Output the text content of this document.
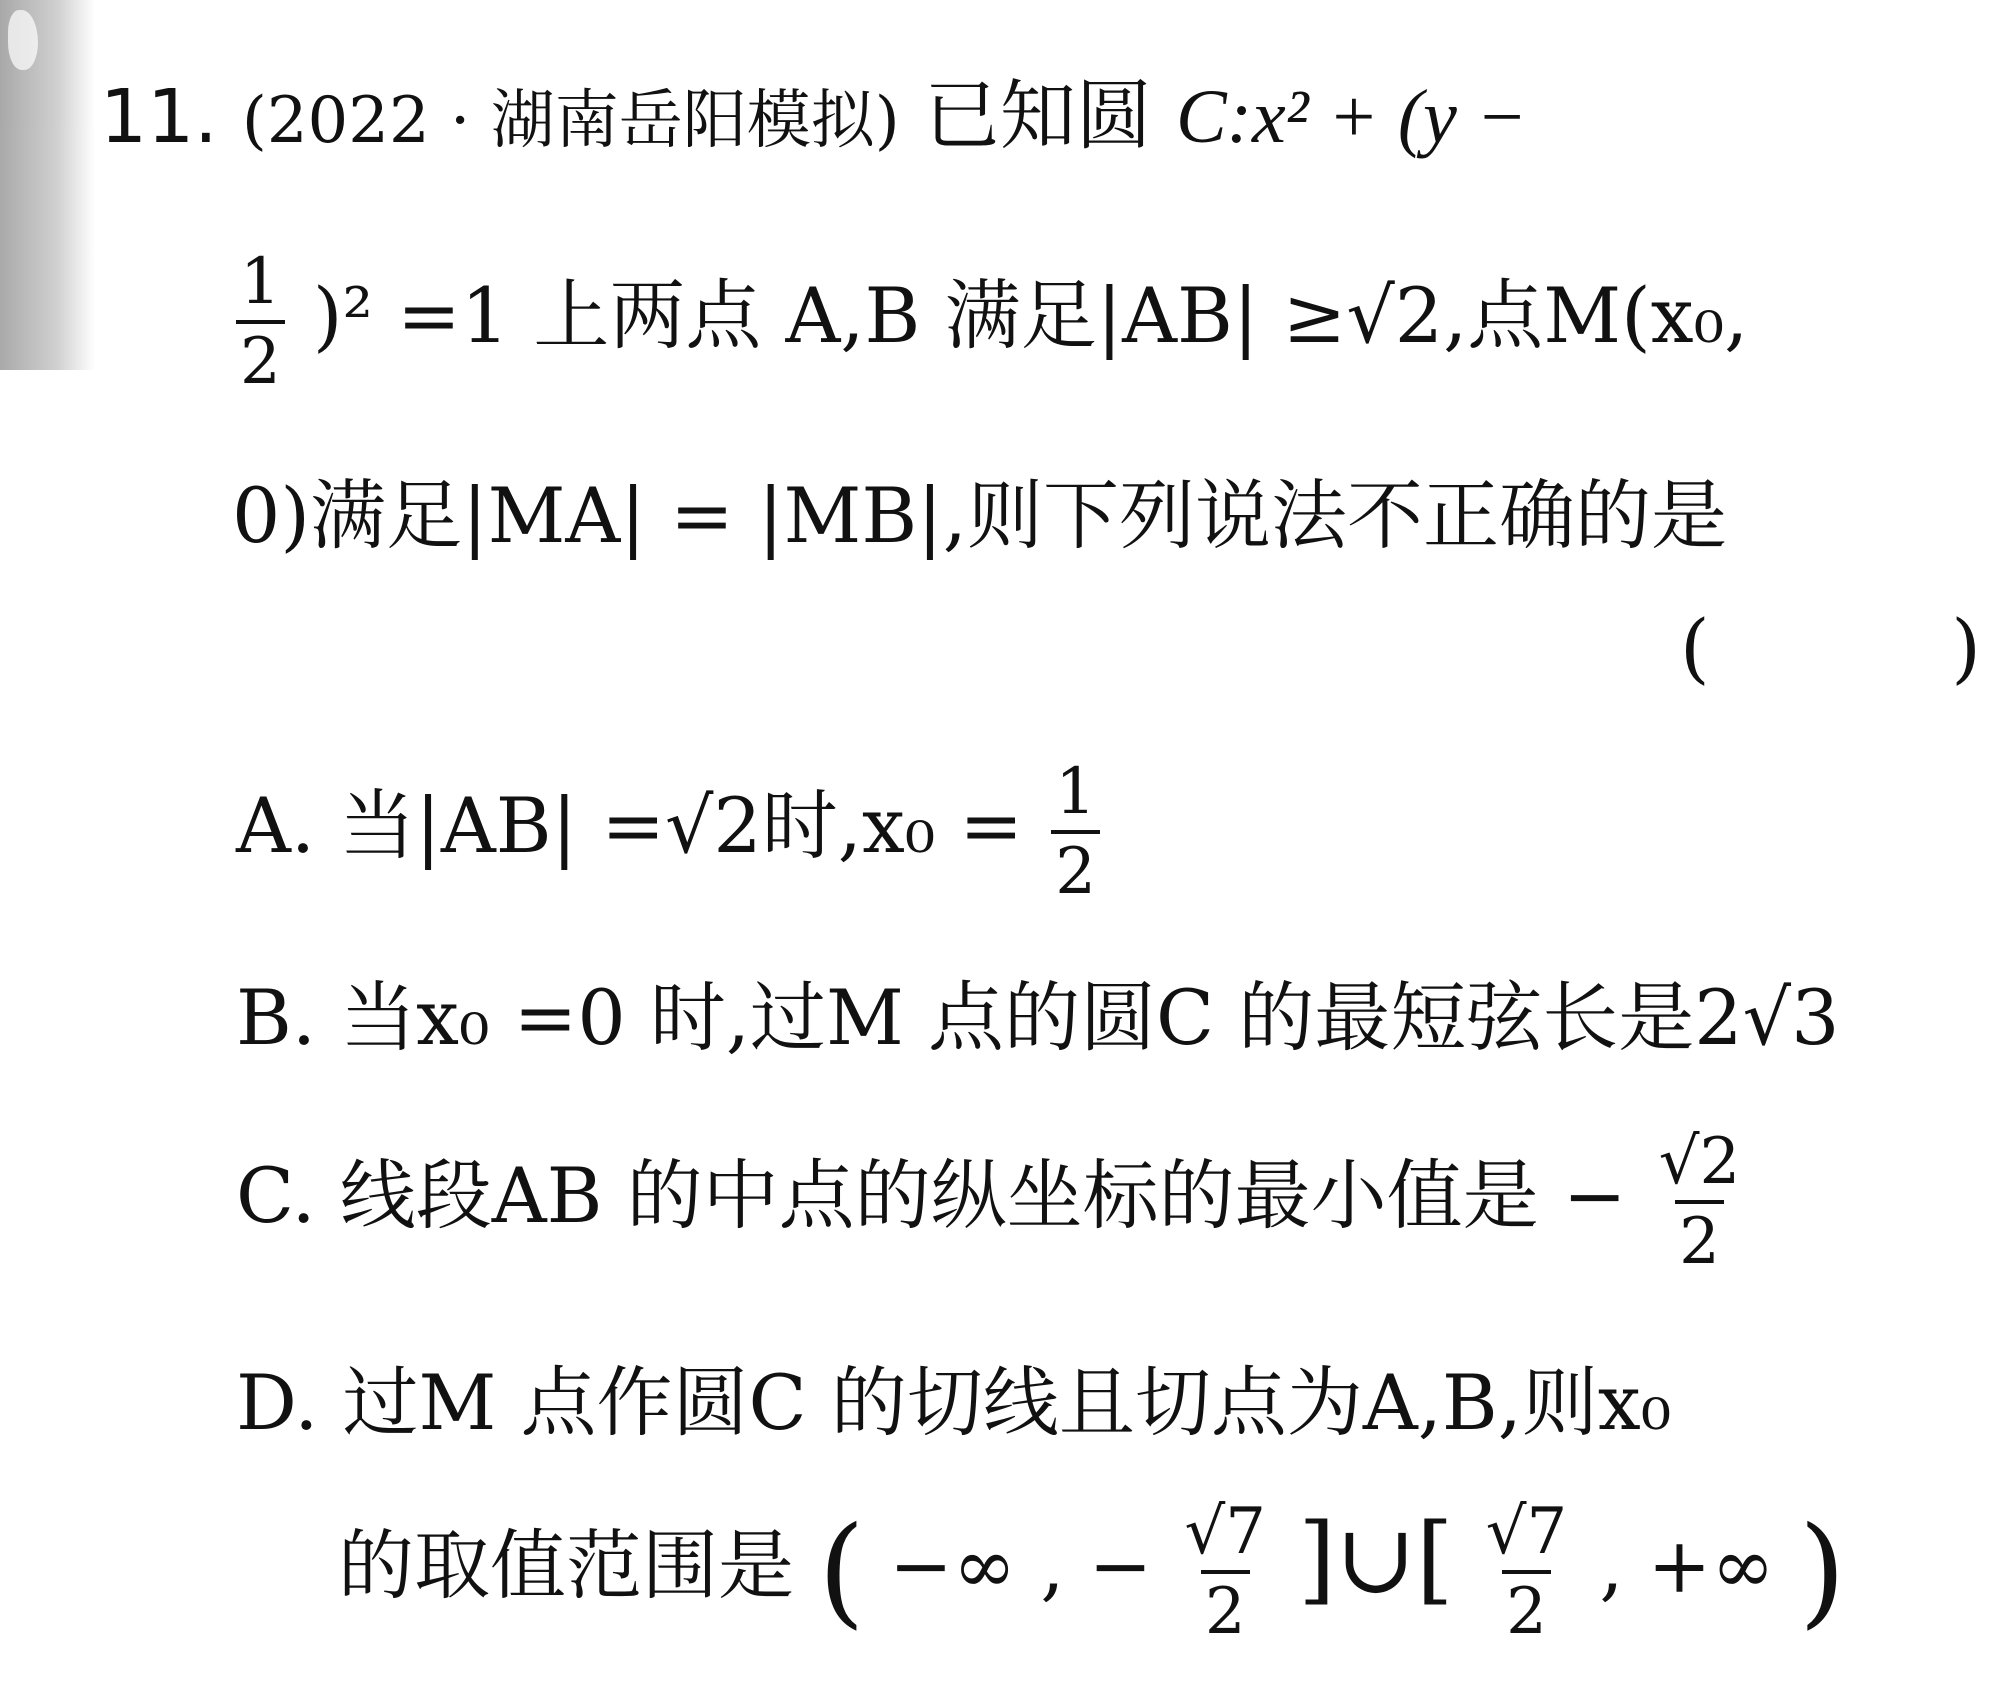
11. (2022 · 湖南岳阳模拟) 已知圆 C:x² + (y −
$\frac{1}{2} )^2 =1$ 上两点 A,B 满足|AB| ≥√2,点M(x₀,
0)满足|MA| = |MB|,则下列说法不正确的是
(          )
A. 当|AB| =√2时$,x_0 = \frac{1}{2}$
B. 当x₀ =0 时,过M 点的圆C 的最短弦长是2√3
C. 线段AB 的中点的纵坐标的最小值是 − $\frac{√2}{2}$
D. 过M 点作圆C 的切线且切点为A,B,则x₀
的取值范围是 ( −∞ , − $\frac{√7}{2}$ ]∪[ $\frac{√7}{2}$ , +∞ )
